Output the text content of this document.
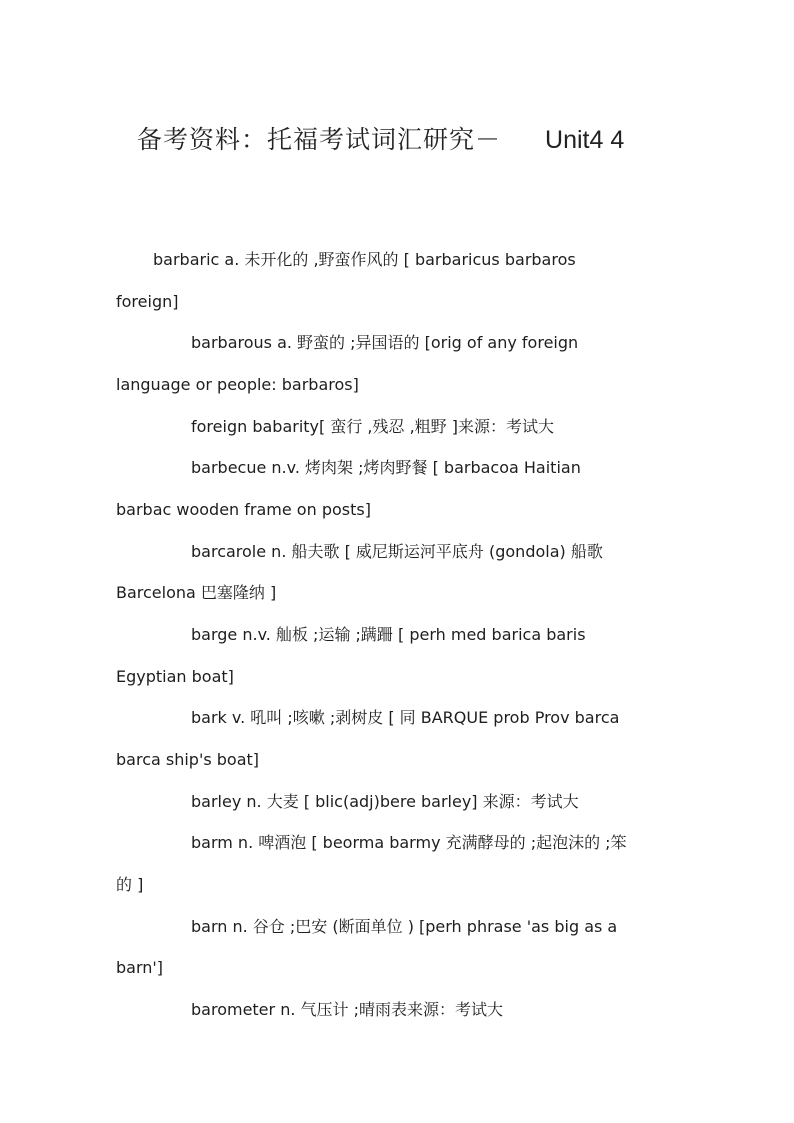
备考资料：托福考试词汇研究－ Unit4 4
barbaric a. 未开化的 ,野蛮作风的 [ barbaricus barbaros
foreign]
barbarous a. 野蛮的 ;异国语的 [orig of any foreign
language or people: barbaros]
foreign babarity[ 蛮行 ,残忍 ,粗野 ]来源：考试大
barbecue n.v. 烤肉架 ;烤肉野餐 [ barbacoa Haitian
barbac wooden frame on posts]
barcarole n. 船夫歌 [ 威尼斯运河平底舟 (gondola) 船歌
Barcelona 巴塞隆纳 ]
barge n.v. 舢板 ;运输 ;蹒跚 [ perh med barica baris
Egyptian boat]
bark v. 吼叫 ;咳嗽 ;剥树皮 [ 同 BARQUE prob Prov barca
barca ship's boat]
barley n. 大麦 [ blic(adj)bere barley] 来源：考试大
barm n. 啤酒泡 [ beorma barmy 充满酵母的 ;起泡沫的 ;笨
的 ]
barn n. 谷仓 ;巴安 (断面单位 ) [perh phrase 'as big as a
barn']
barometer n. 气压计 ;晴雨表来源：考试大
